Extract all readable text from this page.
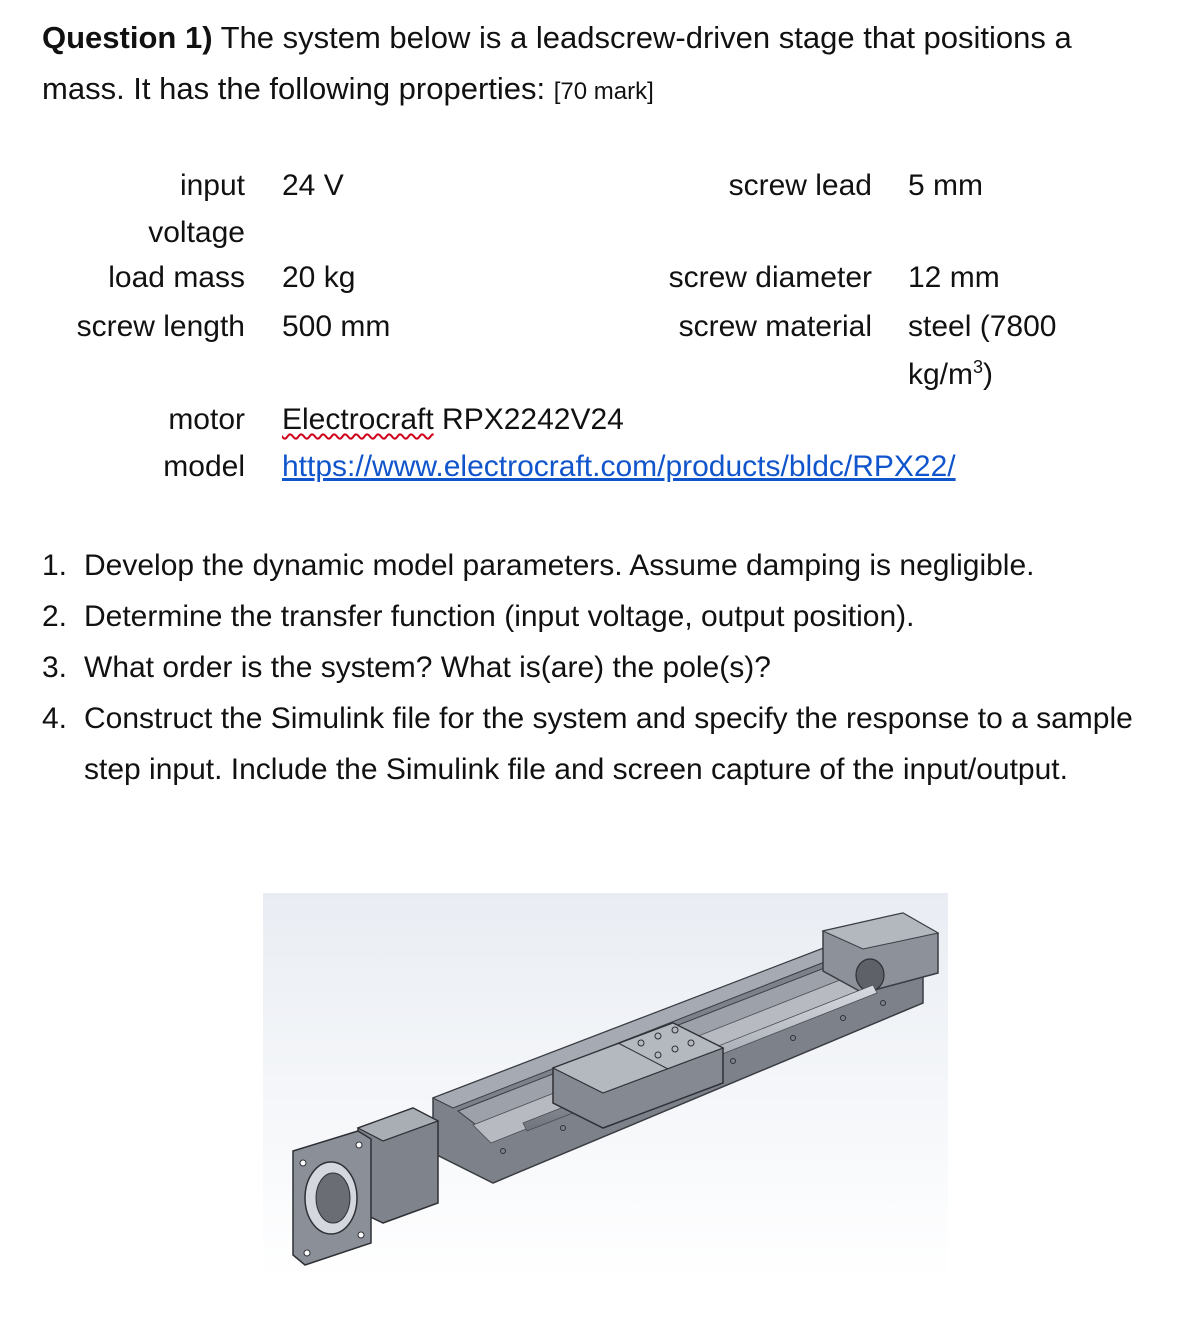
Question 1) The system below is a leadscrew-driven stage that positions a mass. It has the following properties: [70 mark]
input
voltage
24 V
load mass 20 kg
screw length 500 mm
screw lead 5 mm
screw diameter 12 mm
screw material steel (7800
$kg/m^3$)
motor
model
Electrocraft RPX2242V24
https://www.electrocraft.com/products/bldc/RPX22/
1. Develop the dynamic model parameters. Assume damping is negligible.
2. Determine the transfer function (input voltage, output position).
3. What order is the system? What is(are) the pole(s)?
4. Construct the Simulink file for the system and specify the response to a sample step input. Include the Simulink file and screen capture of the input/output.
